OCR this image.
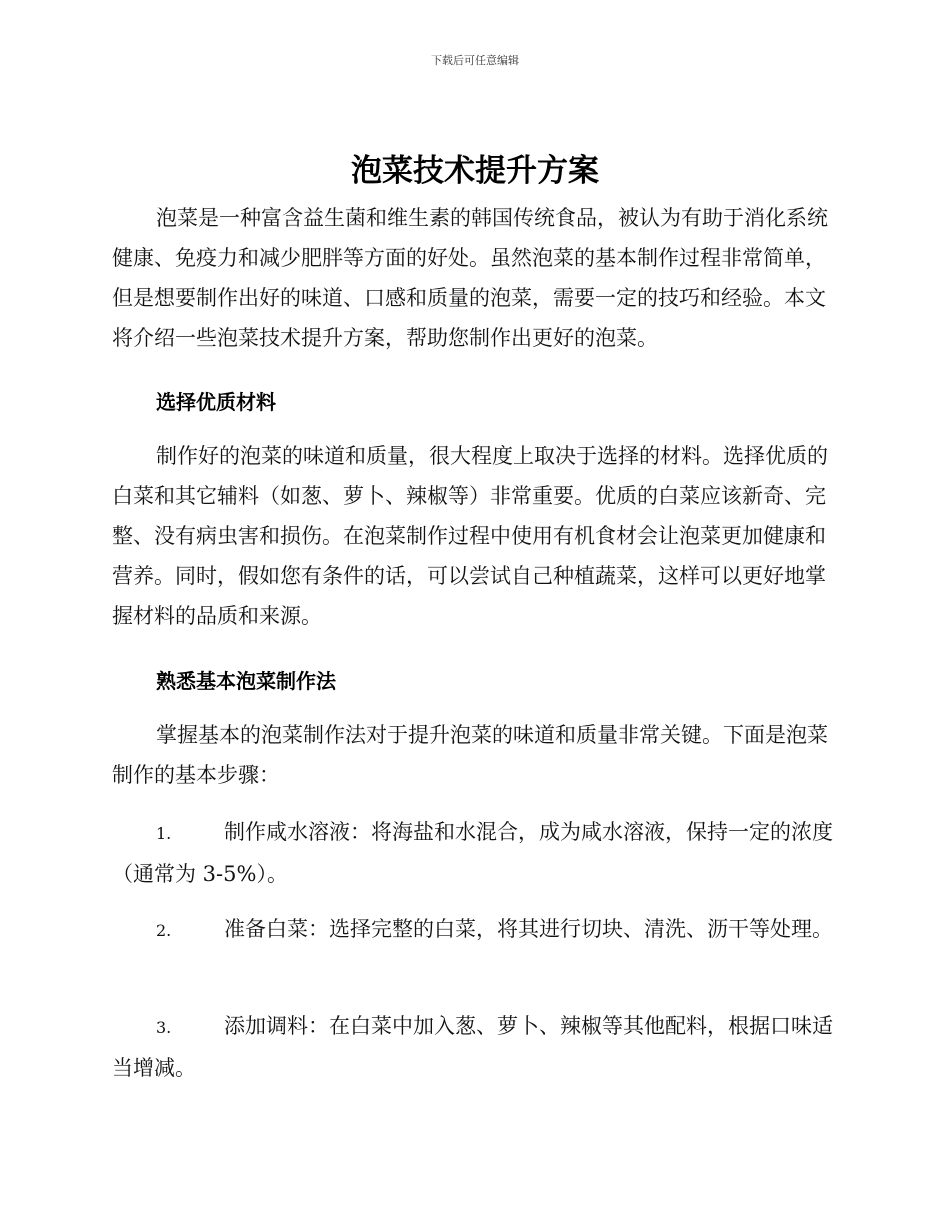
下载后可任意编辑
泡菜技术提升方案

泡菜是一种富含益生菌和维生素的韩国传统食品，被认为有助于消化系统健康、免疫力和减少肥胖等方面的好处。虽然泡菜的基本制作过程非常简单，但是想要制作出好的味道、口感和质量的泡菜，需要一定的技巧和经验。本文将介绍一些泡菜技术提升方案，帮助您制作出更好的泡菜。

选择优质材料

制作好的泡菜的味道和质量，很大程度上取决于选择的材料。选择优质的白菜和其它辅料（如葱、萝卜、辣椒等）非常重要。优质的白菜应该新奇、完整、没有病虫害和损伤。在泡菜制作过程中使用有机食材会让泡菜更加健康和营养。同时，假如您有条件的话，可以尝试自己种植蔬菜，这样可以更好地掌握材料的品质和来源。

熟悉基本泡菜制作法

掌握基本的泡菜制作法对于提升泡菜的味道和质量非常关键。下面是泡菜制作的基本步骤：

1.	制作咸水溶液：将海盐和水混合，成为咸水溶液，保持一定的浓度（通常为 3-5%）。

2.	准备白菜：选择完整的白菜，将其进行切块、清洗、沥干等处理。

3.	添加调料：在白菜中加入葱、萝卜、辣椒等其他配料，根据口味适当增减。
